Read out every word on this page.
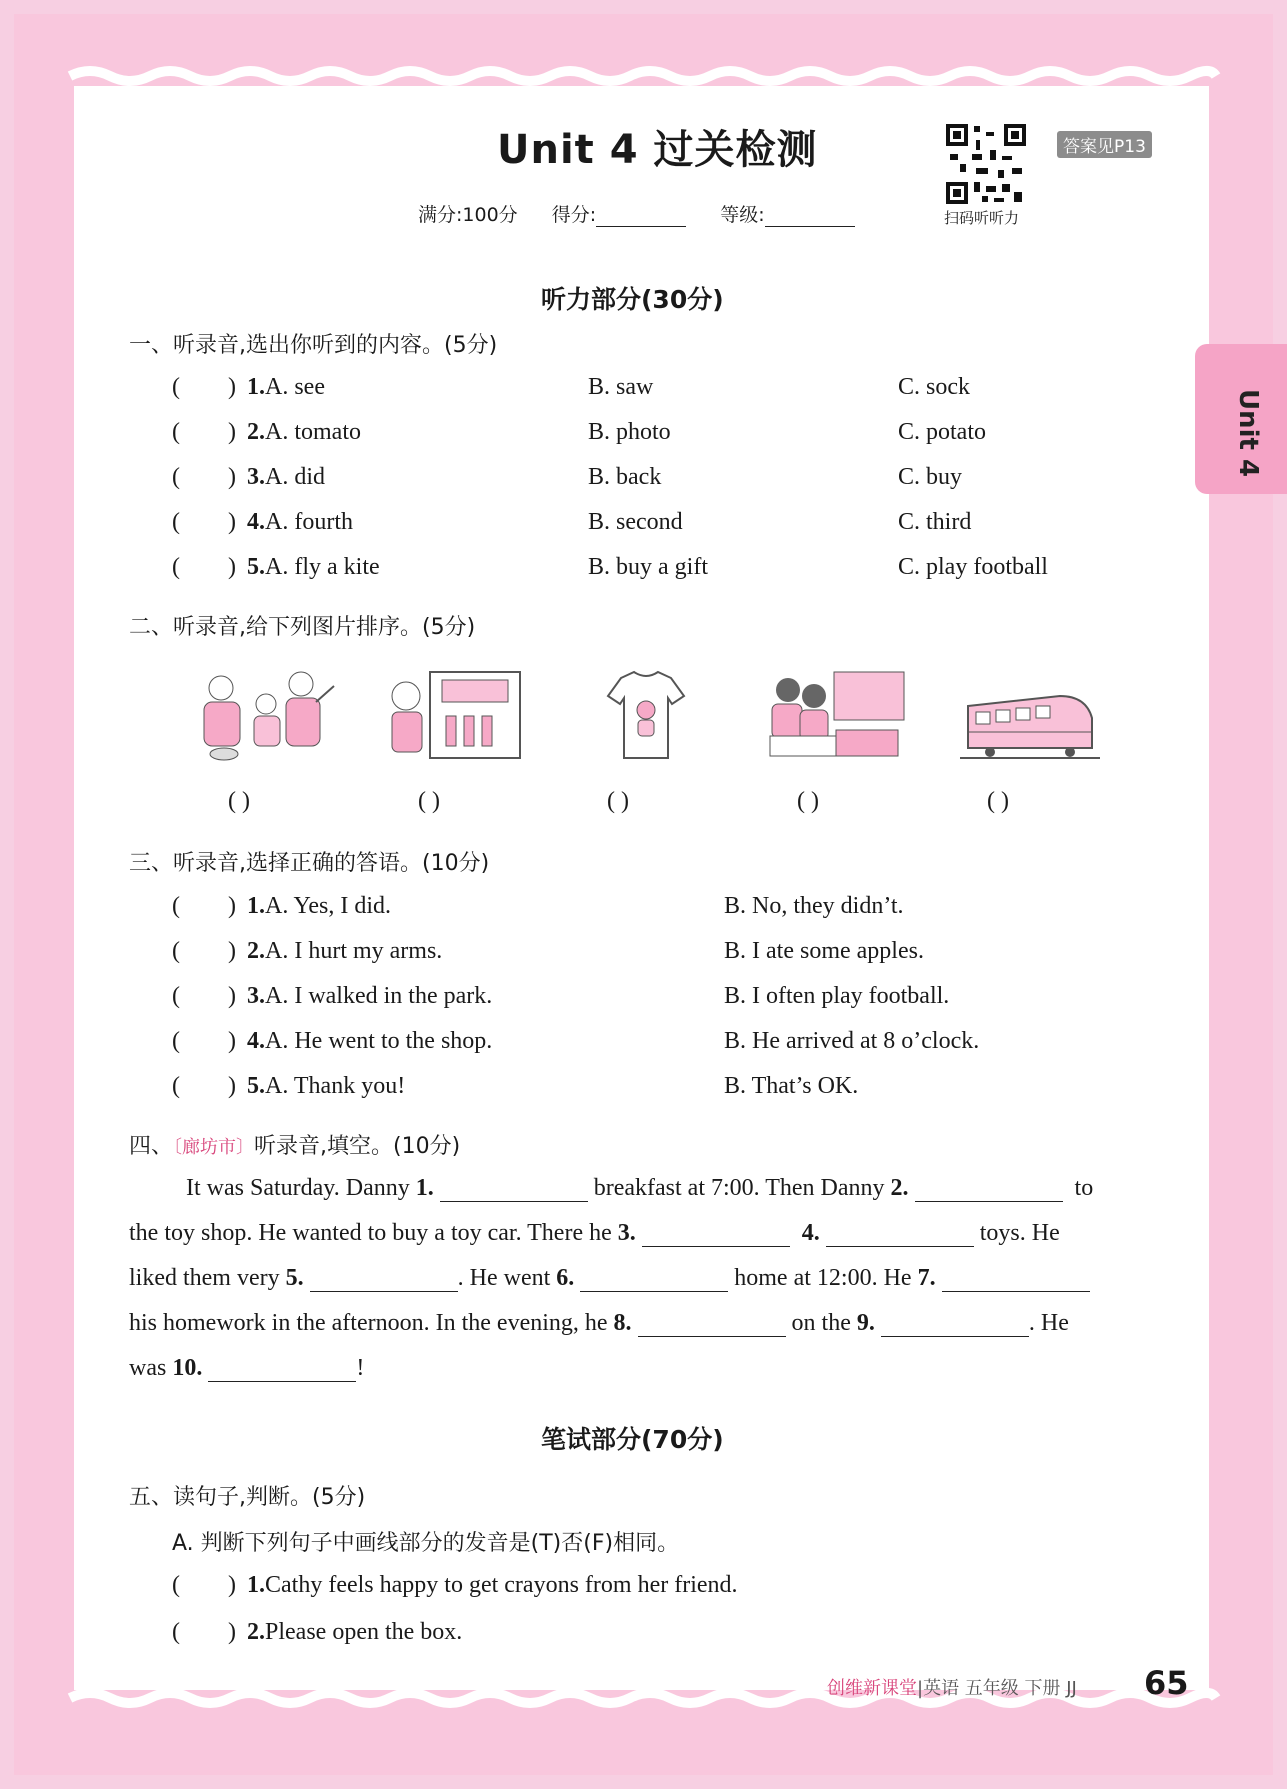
Unit 4 过关检测
满分:100分 得分:	等级:	扫码听听力
答案见P13
Unit 4
听力部分(30分)
一、听录音,选出你听到的内容。(5分)
(        ) 1.A. see	B. saw	C. sock
(        ) 2.A. tomato	B. photo	C. potato
(        ) 3.A. did	B. back	C. buy
(        ) 4.A. fourth	B. second	C. third
(        ) 5.A. fly a kite	B. buy a gift	C. play football
二、听录音,给下列图片排序。(5分)
( )	( )	( )	( )	( )
三、听录音,选择正确的答语。(10分)
(        ) 1.A. Yes, I did.	B. No, they didn’t.
(        ) 2.A. I hurt my arms.	B. I ate some apples.
(        ) 3.A. I walked in the park.	B. I often play football.
(        ) 4.A. He went to the shop.	B. He arrived at 8 o’clock.
(        ) 5.A. Thank you!	B. That’s OK.
四、〔廊坊市〕听录音,填空。(10分)
It was Saturday. Danny 1.	breakfast at 7:00. Then Danny 2.	to
the toy shop. He wanted to buy a toy car. There he 3.	4.	toys. He
liked them very 5.	. He went 6.	home at 12:00. He 7.
his homework in the afternoon. In the evening, he 8.	on the 9.	. He
was 10.	!
笔试部分(70分)
五、读句子,判断。(5分)
A. 判断下列句子中画线部分的发音是(T)否(F)相同。
(        ) 1.Cathy feels happy to get crayons from her friend.
(        ) 2.Please open the box.
创维新课堂|英语 五年级 下册 JJ 65
